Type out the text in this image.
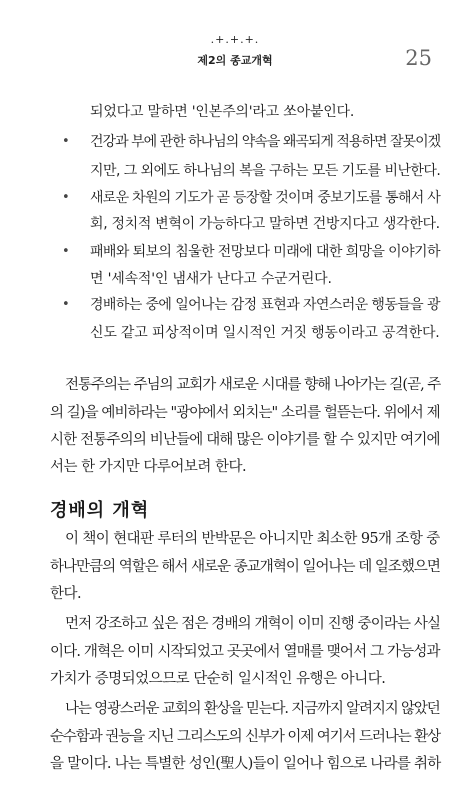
.+.+.+.
제2의 종교개혁	25
되었다고 말하면 '인본주의'라고 쏘아붙인다.
• 건강과 부에 관한 하나님의 약속을 왜곡되게 적용하면 잘못이겠
지만, 그 외에도 하나님의 복을 구하는 모든 기도를 비난한다.
• 새로운 차원의 기도가 곧 등장할 것이며 중보기도를 통해서 사
회, 정치적 변혁이 가능하다고 말하면 건방지다고 생각한다.
• 패배와 퇴보의 침울한 전망보다 미래에 대한 희망을 이야기하
면 '세속적'인 냄새가 난다고 수군거린다.
• 경배하는 중에 일어나는 감정 표현과 자연스러운 행동들을 광
신도 같고 피상적이며 일시적인 거짓 행동이라고 공격한다.
전통주의는 주님의 교회가 새로운 시대를 향해 나아가는 길(곧, 주
의 길)을 예비하라는 "광야에서 외치는" 소리를 헐뜯는다. 위에서 제
시한 전통주의의 비난들에 대해 많은 이야기를 할 수 있지만 여기에
서는 한 가지만 다루어보려 한다.
경배의 개혁
이 책이 현대판 루터의 반박문은 아니지만 최소한 95개 조항 중
하나만큼의 역할은 해서 새로운 종교개혁이 일어나는 데 일조했으면
한다.
먼저 강조하고 싶은 점은 경배의 개혁이 이미 진행 중이라는 사실
이다. 개혁은 이미 시작되었고 곳곳에서 열매를 맺어서 그 가능성과
가치가 증명되었으므로 단순히 일시적인 유행은 아니다.
나는 영광스러운 교회의 환상을 믿는다. 지금까지 알려지지 않았던
순수함과 권능을 지닌 그리스도의 신부가 이제 여기서 드러나는 환상
을 말이다. 나는 특별한 성인(聖人)들이 일어나 힘으로 나라를 취하
